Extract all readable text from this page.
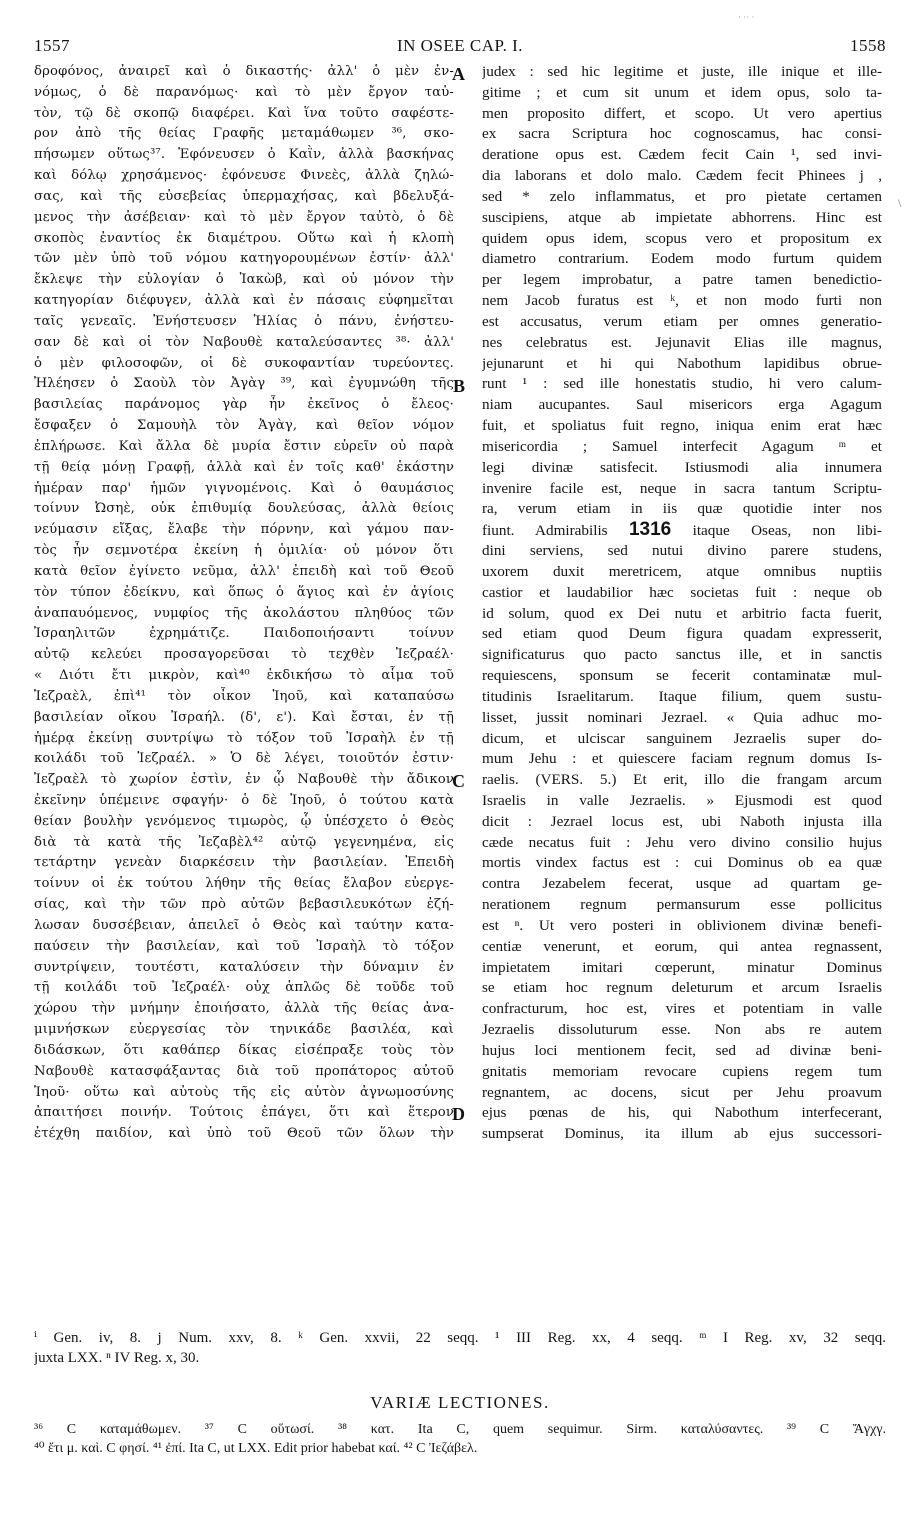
· ·· ·
\
1557	IN OSEE CAP. I.	1558
δροφόνος, ἀναιρεῖ καὶ ὁ δικαστής· ἀλλ' ὁ μὲν ἐν-
νόμως, ὁ δὲ παρανόμως· καὶ τὸ μὲν ἔργον ταὐ-
τὸν, τῷ δὲ σκοπῷ διαφέρει. Καὶ ἵνα τοῦτο σαφέστε-
ρον ἀπὸ τῆς θείας Γραφῆς μεταμάθωμεν ³⁶, σκο-
πήσωμεν οὕτως³⁷. Ἐφόνευσεν ὁ Καῒν, ἀλλὰ βασκήνας
καὶ δόλῳ χρησάμενος· ἐφόνευσε Φινεὲς, ἀλλὰ ζηλώ-
σας, καὶ τῆς εὐσεβείας ὑπερμαχήσας, καὶ βδελυξά-
μενος τὴν ἀσέβειαν· καὶ τὸ μὲν ἔργον ταὐτὸ, ὁ δὲ
σκοπὸς ἐναντίος ἐκ διαμέτρου. Οὕτω καὶ ἡ κλοπὴ
τῶν μὲν ὑπὸ τοῦ νόμου κατηγορουμένων ἐστίν· ἀλλ'
ἔκλεψε τὴν εὐλογίαν ὁ Ἰακὼβ, καὶ οὐ μόνον τὴν
κατηγορίαν διέφυγεν, ἀλλὰ καὶ ἐν πάσαις εὐφημεῖται
ταῖς γενεαῖς. Ἐνήστευσεν Ἠλίας ὁ πάνυ, ἐνήστευ-
σαν δὲ καὶ οἱ τὸν Ναβουθὲ καταλεύσαντες ³⁸· ἀλλ'
ὁ μὲν φιλοσοφῶν, οἱ δὲ συκοφαντίαν τυρεύοντες.
Ἠλέησεν ὁ Σαοὺλ τὸν Ἀγὰγ ³⁹, καὶ ἐγυμνώθη τῆς
βασιλείας παράνομος γὰρ ἦν ἐκεῖνος ὁ ἔλεος·
ἔσφαξεν ὁ Σαμουὴλ τὸν Ἀγὰγ, καὶ θεῖον νόμον
ἐπλήρωσε. Καὶ ἄλλα δὲ μυρία ἔστιν εὑρεῖν οὐ παρὰ
τῇ θείᾳ μόνῃ Γραφῇ, ἀλλὰ καὶ ἐν τοῖς καθ' ἑκάστην
ἡμέραν παρ' ἡμῶν γιγνομένοις. Καὶ ὁ θαυμάσιος
τοίνυν Ὠσηὲ, οὐκ ἐπιθυμίᾳ δουλεύσας, ἀλλὰ θείοις
νεύμασιν εἴξας, ἔλαβε τὴν πόρνην, καὶ γάμου παν-
τὸς ἦν σεμνοτέρα ἐκείνη ἡ ὁμιλία· οὐ μόνον ὅτι
κατὰ θεῖον ἐγίνετο νεῦμα, ἀλλ' ἐπειδὴ καὶ τοῦ Θεοῦ
τὸν τύπον ἐδείκνυ, καὶ ὅπως ὁ ἅγιος καὶ ἐν ἁγίοις
ἀναπαυόμενος, νυμφίος τῆς ἀκολάστου πληθύος τῶν
Ἰσραηλιτῶν ἐχρημάτιζε. Παιδοποιήσαντι τοίνυν
αὐτῷ κελεύει προσαγορεῦσαι τὸ τεχθὲν Ἰεζραέλ·
« Διότι ἔτι μικρὸν, καὶ⁴⁰ ἐκδικήσω τὸ αἷμα τοῦ
Ἰεζραὲλ, ἐπὶ⁴¹ τὸν οἶκον Ἰηοῦ, καὶ καταπαύσω
βασιλείαν οἴκου Ἰσραήλ. (δ', ε'). Καὶ ἔσται, ἐν τῇ
ἡμέρᾳ ἐκείνῃ συντρίψω τὸ τόξον τοῦ Ἰσραὴλ ἐν τῇ
κοιλάδι τοῦ Ἰεζραέλ. » Ὁ δὲ λέγει, τοιοῦτόν ἐστιν·
Ἰεζραὲλ τὸ χωρίον ἐστὶν, ἐν ᾧ Ναβουθὲ τὴν ἄδικον
ἐκεῖνην ὑπέμεινε σφαγήν· ὁ δὲ Ἰηοῦ, ὁ τούτου κατὰ
θείαν βουλὴν γενόμενος τιμωρὸς, ᾧ ὑπέσχετο ὁ Θεὸς
διὰ τὰ κατὰ τῆς Ἰεζαβὲλ⁴² αὐτῷ γεγενημένα, εἰς
τετάρτην γενεὰν διαρκέσειν τὴν βασιλείαν. Ἐπειδὴ
τοίνυν οἱ ἐκ τούτου λήθην τῆς θείας ἔλαβον εὐεργε-
σίας, καὶ τὴν τῶν πρὸ αὐτῶν βεβασιλευκότων ἐζή-
λωσαν δυσσέβειαν, ἀπειλεῖ ὁ Θεὸς καὶ ταύτην κατα-
παύσειν τὴν βασιλείαν, καὶ τοῦ Ἰσραὴλ τὸ τόξον
συντρίψειν, τουτέστι, καταλύσειν τὴν δύναμιν ἐν
τῇ κοιλάδι τοῦ Ἰεζραέλ· οὐχ ἁπλῶς δὲ τοῦδε τοῦ
χώρου τὴν μνήμην ἐποιήσατο, ἀλλὰ τῆς θείας ἀνα-
μιμνήσκων εὐεργεσίας τὸν τηνικάδε βασιλέα, καὶ
διδάσκων, ὅτι καθάπερ δίκας εἰσέπραξε τοὺς τὸν
Ναβουθὲ κατασφάξαντας διὰ τοῦ προπάτορος αὐτοῦ
Ἰηοῦ· οὕτω καὶ αὐτοὺς τῆς εἰς αὐτὸν ἀγνωμοσύνης
ἀπαιτήσει ποινήν. Τούτοις ἐπάγει, ὅτι καὶ ἕτερον
ἐτέχθη παιδίον, καὶ ὑπὸ τοῦ Θεοῦ τῶν ὅλων τὴν
judex : sed hic legitime et juste, ille inique et ille-
gitime ; et cum sit unum et idem opus, solo ta-
men proposito differt, et scopo. Ut vero apertius
ex sacra Scriptura hoc cognoscamus, hac consi-
deratione opus est. Cædem fecit Cain ¹, sed invi-
dia laborans et dolo malo. Cædem fecit Phinees j ,
sed * zelo inflammatus, et pro pietate certamen
suscipiens, atque ab impietate abhorrens. Hinc est
quidem opus idem, scopus vero et propositum ex
diametro contrarium. Eodem modo furtum quidem
per legem improbatur, a patre tamen benedictio-
nem Jacob furatus est ᵏ, et non modo furti non
est accusatus, verum etiam per omnes generatio-
nes celebratus est. Jejunavit Elias ille magnus,
jejunarunt et hi qui Nabothum lapidibus obrue-
runt ¹ : sed ille honestatis studio, hi vero calum-
niam aucupantes. Saul misericors erga Agagum
fuit, et spoliatus fuit regno, iniqua enim erat hæc
misericordia ; Samuel interfecit Agagum ᵐ et
legi divinæ satisfecit. Istiusmodi alia innumera
invenire facile est, neque in sacra tantum Scriptu-
ra, verum etiam in iis quæ quotidie inter nos
fiunt. Admirabilis 1316 itaque Oseas, non libi-
dini serviens, sed nutui divino parere studens,
uxorem duxit meretricem, atque omnibus nuptiis
castior et laudabilior hæc societas fuit : neque ob
id solum, quod ex Dei nutu et arbitrio facta fuerit,
sed etiam quod Deum figura quadam expresserit,
significaturus quo pacto sanctus ille, et in sanctis
requiescens, sponsum se fecerit contaminatæ mul-
titudinis Israelitarum. Itaque filium, quem sustu-
lisset, jussit nominari Jezrael. « Quia adhuc mo-
dicum, et ulciscar sanguinem Jezraelis super do-
mum Jehu : et quiescere faciam regnum domus Is-
raelis. (VERS. 5.) Et erit, illo die frangam arcum
Israelis in valle Jezraelis. » Ejusmodi est quod
dicit : Jezrael locus est, ubi Naboth injusta illa
cæde necatus fuit : Jehu vero divino consilio hujus
mortis vindex factus est : cui Dominus ob ea quæ
contra Jezabelem fecerat, usque ad quartam ge-
nerationem regnum permansurum esse pollicitus
est ⁿ. Ut vero posteri in oblivionem divinæ benefi-
centiæ venerunt, et eorum, qui antea regnassent,
impietatem imitari cœperunt, minatur Dominus
se etiam hoc regnum deleturum et arcum Israelis
confracturum, hoc est, vires et potentiam in valle
Jezraelis dissoluturum esse. Non abs re autem
hujus loci mentionem fecit, sed ad divinæ beni-
gnitatis memoriam revocare cupiens regem tum
regnantem, ac docens, sicut per Jehu proavum
ejus pœnas de his, qui Nabothum interfecerant,
sumpserat Dominus, ita illum ab ejus successori-
A
B
C
D
ⁱ Gen. iv, 8. j Num. xxv, 8. ᵏ Gen. xxvii, 22 seqq. ¹ III Reg. xx, 4 seqq. ᵐ I Reg. xv, 32 seqq.
juxta LXX. ⁿ IV Reg. x, 30.
VARIÆ LECTIONES.
³⁶ C καταμάθωμεν. ³⁷ C οὕτωσί. ³⁸ κατ. Ita C, quem sequimur. Sirm. καταλύσαντες. ³⁹ C Ἄγχγ.
⁴⁰ ἔτι μ. καὶ. C φησί. ⁴¹ ἐπί. Ita C, ut LXX. Edit prior habebat καί. ⁴² C Ἰεζάβελ.
